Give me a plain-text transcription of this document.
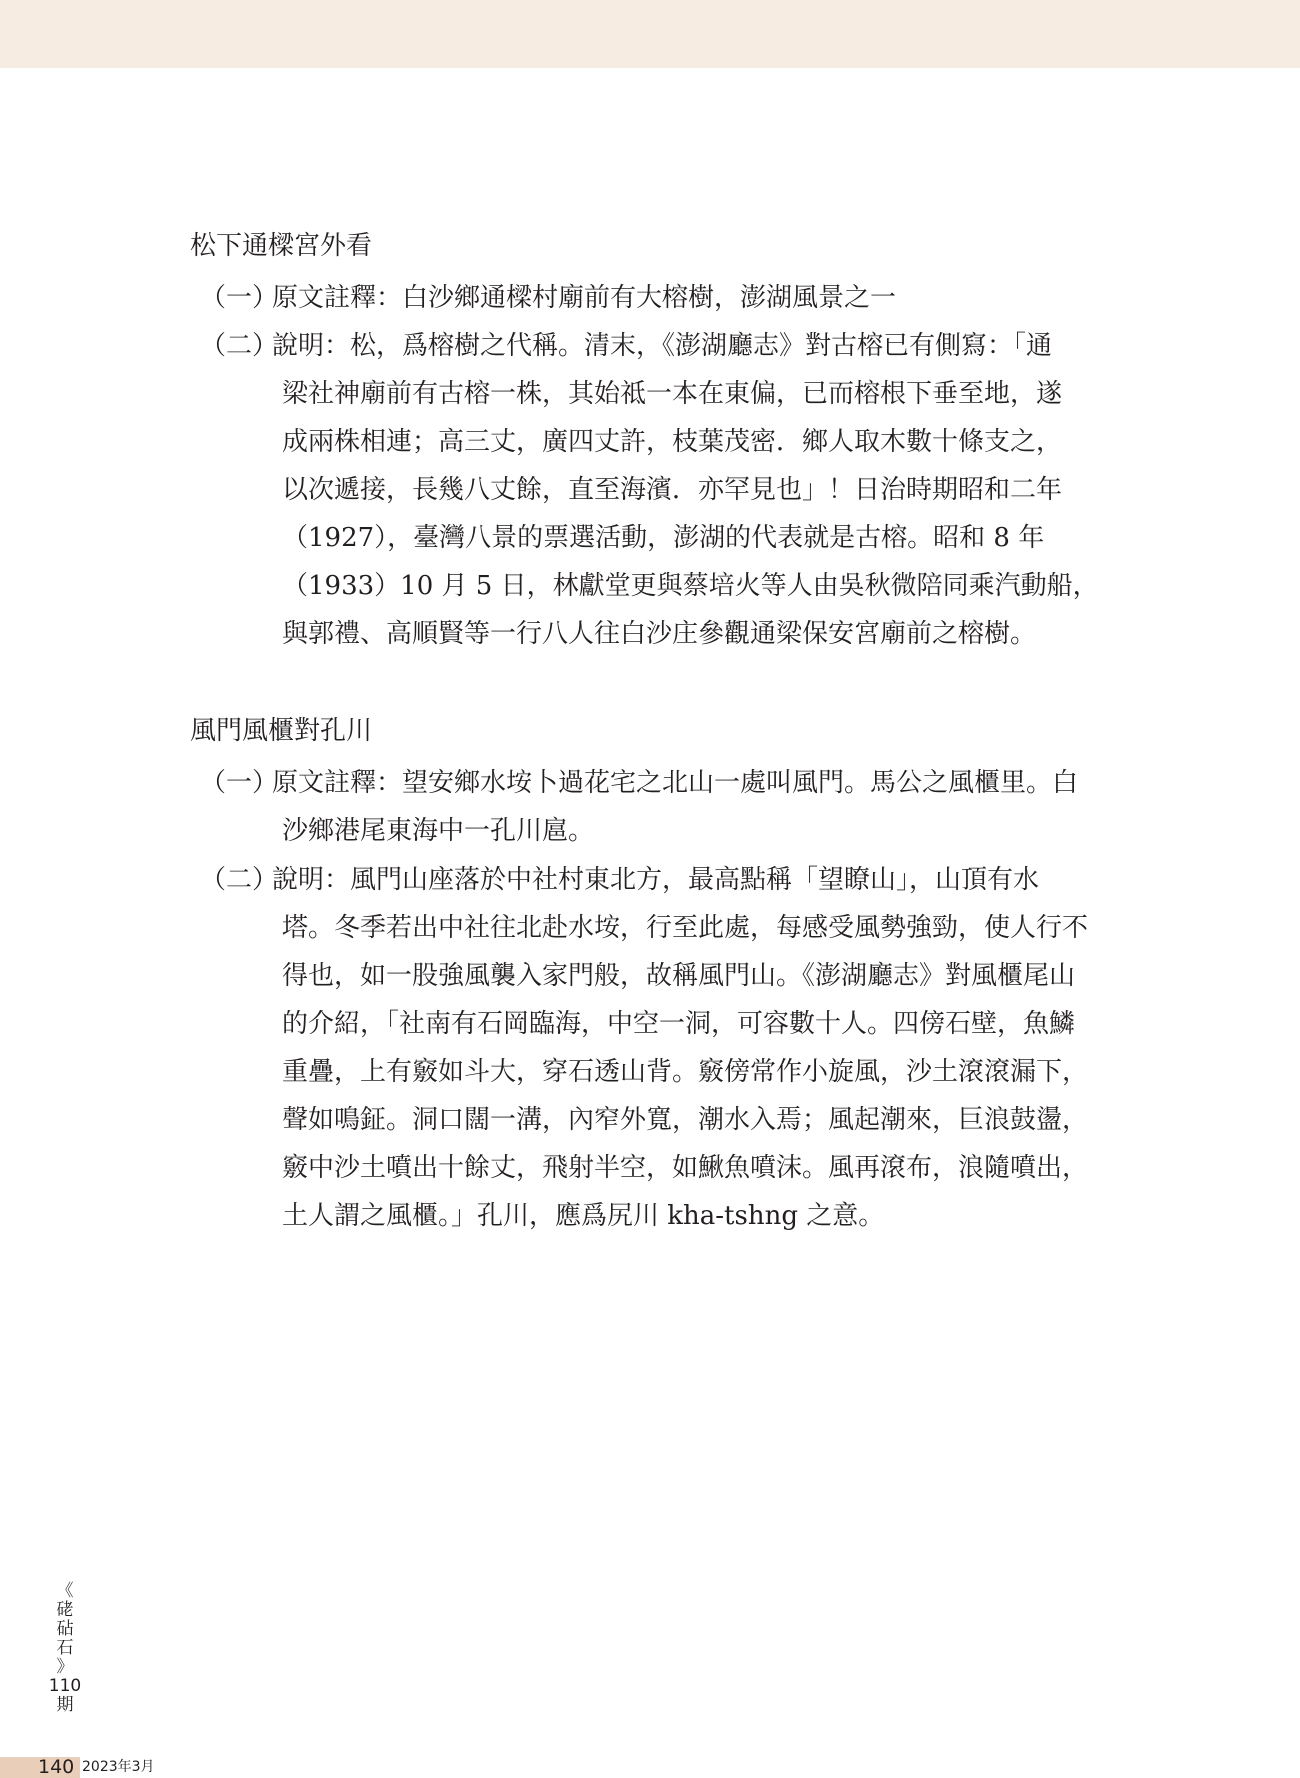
松下通樑宮外看
（一）
原文註釋：白沙鄉通樑村廟前有大榕樹，澎湖風景之一
（二）
說明：松，爲榕樹之代稱。清末，《澎湖廳志》對古榕已有側寫：「通
梁社神廟前有古榕一株，其始祗一本在東偏，已而榕根下垂至地，遂
成兩株相連；高三丈，廣四丈許，枝葉茂密．鄉人取木數十條支之，
以次遞接，長幾八丈餘，直至海濱．亦罕見也」！日治時期昭和二年
（1927），臺灣八景的票選活動，澎湖的代表就是古榕。昭和 8 年
（1933）10 月 5 日，林獻堂更與蔡培火等人由吳秋微陪同乘汽動船，
與郭禮、高順賢等一行八人往白沙庄參觀通梁保安宮廟前之榕樹。
風門風櫃對孔川
（一）
原文註釋：望安鄉水垵卜過花宅之北山一處叫風門。馬公之風櫃里。白
沙鄉港尾東海中一孔川扈。
（二）
說明：風門山座落於中社村東北方，最高點稱「望瞭山」，山頂有水
塔。冬季若出中社往北赴水垵，行至此處，每感受風勢強勁，使人行不
得也，如一股強風襲入家門般，故稱風門山。《澎湖廳志》對風櫃尾山
的介紹，「社南有石岡臨海，中空一洞，可容數十人。四傍石壁，魚鱗
重疊，上有竅如斗大，穿石透山背。竅傍常作小旋風，沙土滾滾漏下，
聲如鳴鉦。洞口闊一溝，內窄外寬，潮水入焉；風起潮來，巨浪鼓盪，
竅中沙土噴出十餘丈，飛射半空，如鰍魚噴沫。風再滾布，浪隨噴出，
土人謂之風櫃。」孔川，應爲尻川 kha-tshng 之意。
《
硓
砧
石
》
110
期
140 2023年3月
